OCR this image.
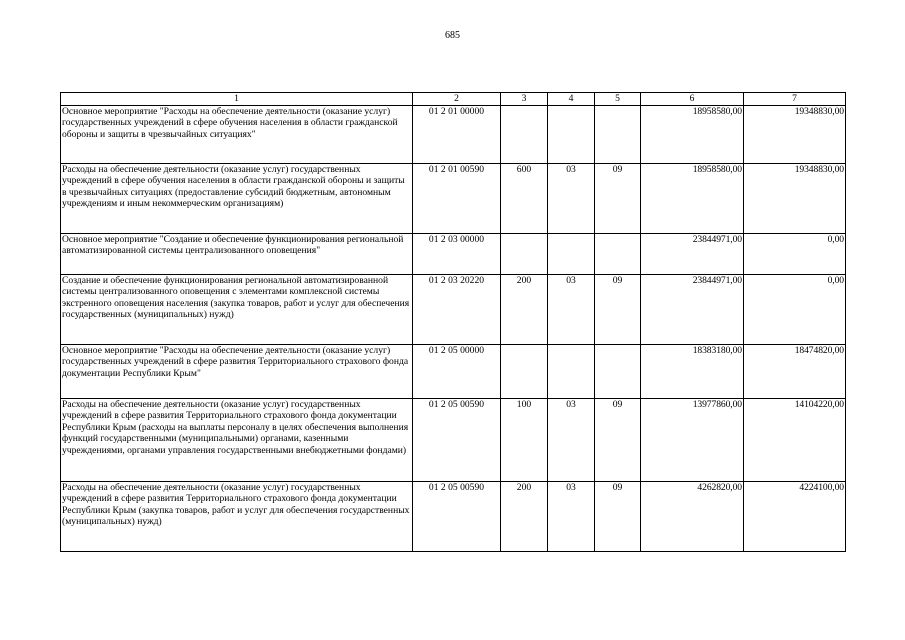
685
1	2	3	4	5	6	7
Основное мероприятие "Расходы на обеспечение деятельности (оказание услуг) государственных учреждений в сфере обучения населения в области гражданской обороны и защиты в чрезвычайных ситуациях"	01 2 01 00000				18958580,00	19348830,00
Расходы на обеспечение деятельности (оказание услуг) государственных учреждений в сфере обучения населения в области гражданской обороны и защиты в чрезвычайных ситуациях (предоставление субсидий бюджетным, автономным учреждениям и иным некоммерческим организациям)	01 2 01 00590	600	03	09	18958580,00	19348830,00
Основное мероприятие "Создание и обеспечение функционирования региональной автоматизированной системы централизованного оповещения"	01 2 03 00000				23844971,00	0,00
Создание и обеспечение функционирования региональной автоматизированной системы централизованного оповещения с элементами комплексной системы экстренного оповещения населения (закупка товаров, работ и услуг для обеспечения государственных (муниципальных) нужд)	01 2 03 20220	200	03	09	23844971,00	0,00
Основное мероприятие "Расходы на обеспечение деятельности (оказание услуг) государственных учреждений в сфере развития Территориального страхового фонда документации Республики Крым"	01 2 05 00000				18383180,00	18474820,00
Расходы на обеспечение деятельности (оказание услуг) государственных учреждений в сфере развития Территориального страхового фонда документации Республики Крым (расходы на выплаты персоналу в целях обеспечения выполнения функций государственными (муниципальными) органами, казенными учреждениями, органами управления государственными внебюджетными фондами)	01 2 05 00590	100	03	09	13977860,00	14104220,00
Расходы на обеспечение деятельности (оказание услуг) государственных учреждений в сфере развития Территориального страхового фонда документации Республики Крым (закупка товаров, работ и услуг для обеспечения государственных (муниципальных) нужд)	01 2 05 00590	200	03	09	4262820,00	4224100,00
